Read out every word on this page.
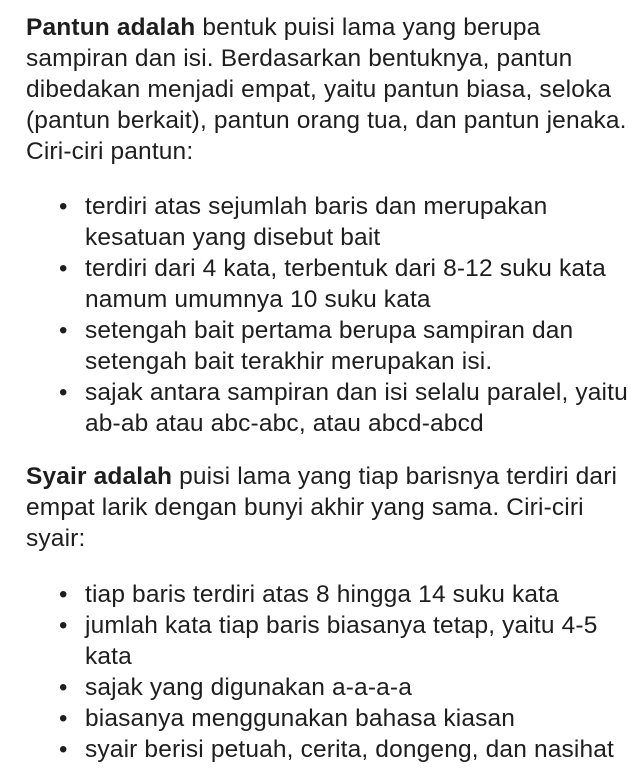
Pantun adalah bentuk puisi lama yang berupa sampiran dan isi. Berdasarkan bentuknya, pantun dibedakan menjadi empat, yaitu pantun biasa, seloka (pantun berkait), pantun orang tua, dan pantun jenaka. Ciri-ciri pantun:

• terdiri atas sejumlah baris dan merupakan kesatuan yang disebut bait
• terdiri dari 4 kata, terbentuk dari 8-12 suku kata namum umumnya 10 suku kata
• setengah bait pertama berupa sampiran dan setengah bait terakhir merupakan isi.
• sajak antara sampiran dan isi selalu paralel, yaitu ab-ab atau abc-abc, atau abcd-abcd

Syair adalah puisi lama yang tiap barisnya terdiri dari empat larik dengan bunyi akhir yang sama. Ciri-ciri syair:

• tiap baris terdiri atas 8 hingga 14 suku kata
• jumlah kata tiap baris biasanya tetap, yaitu 4-5 kata
• sajak yang digunakan a-a-a-a
• biasanya menggunakan bahasa kiasan
• syair berisi petuah, cerita, dongeng, dan nasihat
